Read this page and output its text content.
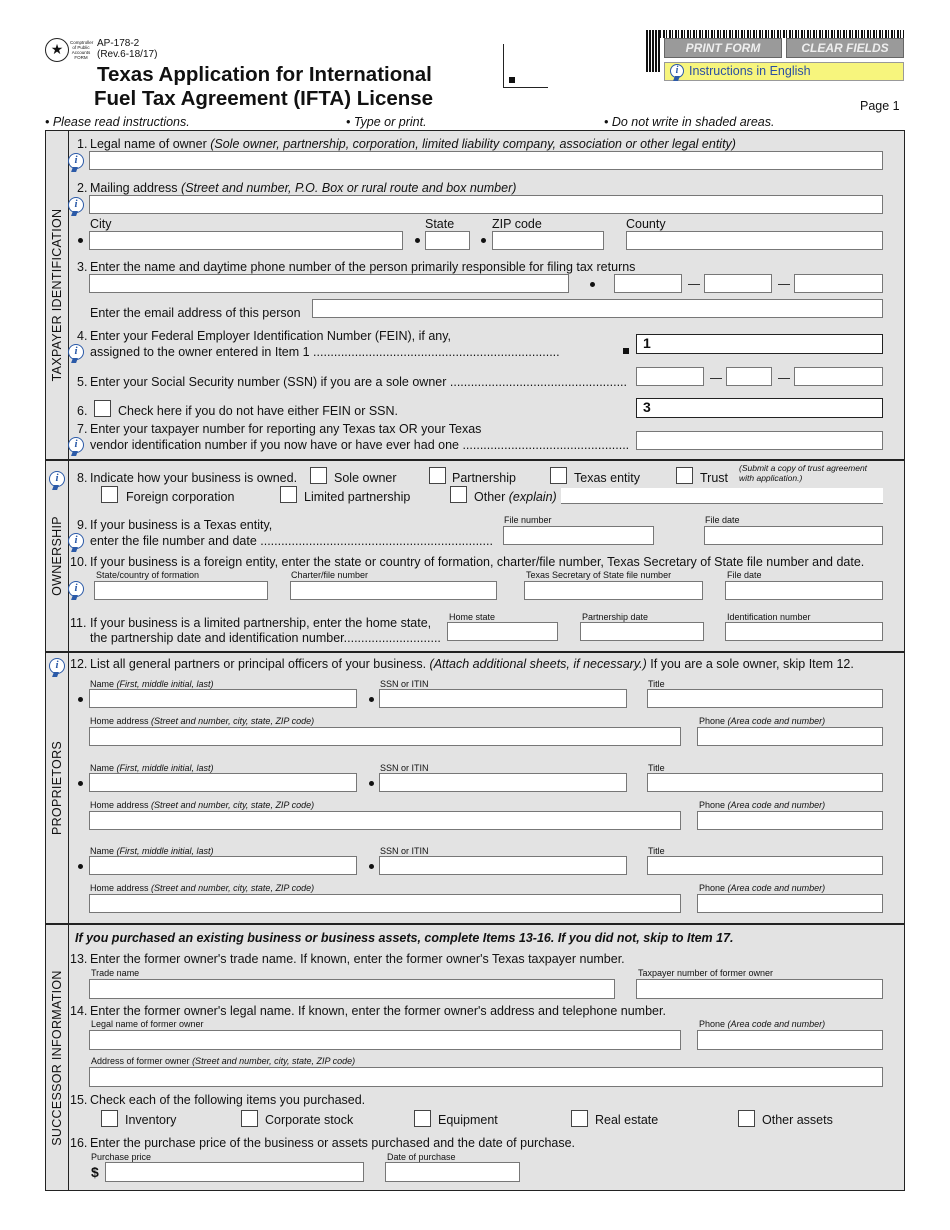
★	Comptroller of Public Accounts FORM
AP-178-2
(Rev.6-18/17)
Texas Application for International
Fuel Tax Agreement (IFTA) License
PRINT FORM	CLEAR FIELDS
i Instructions in English
Page 1
• Please read instructions.	• Type or print.	• Do not write in shaded areas.
TAXPAYER IDENTIFICATION
1. Legal name of owner (Sole owner, partnership, corporation, limited liability company, association or other legal entity)
i
2. Mailing address (Street and number, P.O. Box or rural route and box number)
i
City	State	ZIP code	County
3. Enter the name and daytime phone number of the person primarily responsible for filing tax returns
Enter the email address of this person
4. Enter your Federal Employer Identification Number (FEIN), if any,
assigned to the owner entered in Item 1 .......................................................................
i	1
5. Enter your Social Security number (SSN) if you are a sole owner ...................................................
6. Check here if you do not have either FEIN or SSN.	3
7. Enter your taxpayer number for reporting any Texas tax OR your Texas
vendor identification number if you now have or have ever had one ................................................
i
OWNERSHIP
i	8. Indicate how your business is owned.	Sole owner	Partnership	Texas entity	Trust
(Submit a copy of trust agreement
with application.)
Foreign corporation	Limited partnership	Other (explain)
9. If your business is a Texas entity,
enter the file number and date ...................................................................
i
File number	File date
10. If your business is a foreign entity, enter the state or country of formation, charter/file number, Texas Secretary of State file number and date.
i
State/country of formation	Charter/file number	Texas Secretary of State file number	File date
11. If your business is a limited partnership, enter the home state,
the partnership date and identification number............................
Home state	Partnership date	Identification number
PROPRIETORS
i 12. List all general partners or principal officers of your business. (Attach additional sheets, if necessary.) If you are a sole owner, skip Item 12.
Name (First, middle initial, last)	SSN or ITIN	Title
Home address (Street and number, city, state, ZIP code)	Phone (Area code and number)
Name (First, middle initial, last)	SSN or ITIN	Title
Home address (Street and number, city, state, ZIP code)	Phone (Area code and number)
Name (First, middle initial, last)	SSN or ITIN	Title
Home address (Street and number, city, state, ZIP code)	Phone (Area code and number)
SUCCESSOR INFORMATION
If you purchased an existing business or business assets, complete Items 13-16. If you did not, skip to Item 17.
13. Enter the former owner's trade name. If known, enter the former owner's Texas taxpayer number.
Trade name	Taxpayer number of former owner
14. Enter the former owner's legal name. If known, enter the former owner's address and telephone number.
Legal name of former owner	Phone (Area code and number)
Address of former owner (Street and number, city, state, ZIP code)
15. Check each of the following items you purchased.
Inventory	Corporate stock	Equipment	Real estate	Other assets
16. Enter the purchase price of the business or assets purchased and the date of purchase.
Purchase price
$
Date of purchase
